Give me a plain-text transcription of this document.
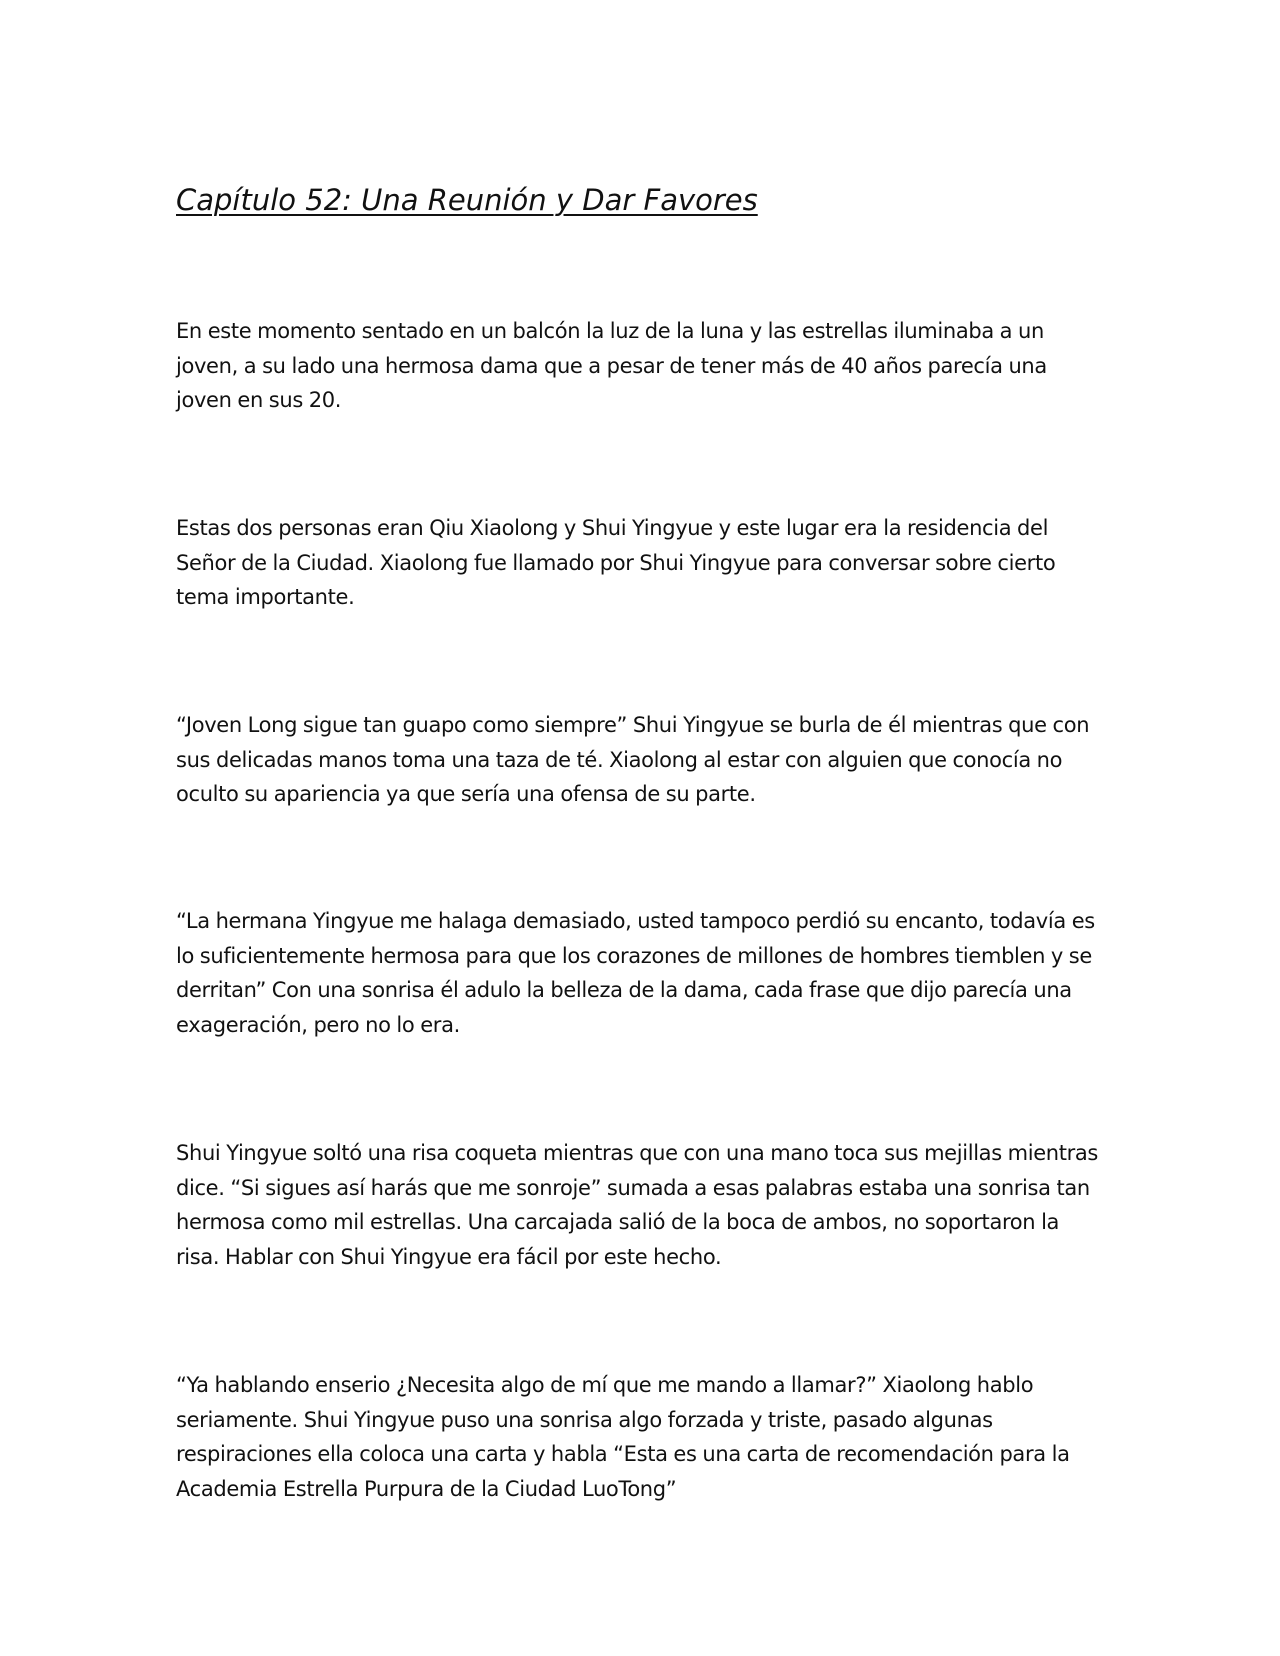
Capítulo 52: Una Reunión y Dar Favores

En este momento sentado en un balcón la luz de la luna y las estrellas iluminaba a un joven, a su lado una hermosa dama que a pesar de tener más de 40 años parecía una joven en sus 20.

Estas dos personas eran Qiu Xiaolong y Shui Yingyue y este lugar era la residencia del Señor de la Ciudad. Xiaolong fue llamado por Shui Yingyue para conversar sobre cierto tema importante.

“Joven Long sigue tan guapo como siempre” Shui Yingyue se burla de él mientras que con sus delicadas manos toma una taza de té. Xiaolong al estar con alguien que conocía no oculto su apariencia ya que sería una ofensa de su parte.

“La hermana Yingyue me halaga demasiado, usted tampoco perdió su encanto, todavía es lo suficientemente hermosa para que los corazones de millones de hombres tiemblen y se derritan” Con una sonrisa él adulo la belleza de la dama, cada frase que dijo parecía una exageración, pero no lo era.

Shui Yingyue soltó una risa coqueta mientras que con una mano toca sus mejillas mientras dice. “Si sigues así harás que me sonroje” sumada a esas palabras estaba una sonrisa tan hermosa como mil estrellas. Una carcajada salió de la boca de ambos, no soportaron la risa. Hablar con Shui Yingyue era fácil por este hecho.

“Ya hablando enserio ¿Necesita algo de mí que me mando a llamar?” Xiaolong hablo seriamente. Shui Yingyue puso una sonrisa algo forzada y triste, pasado algunas respiraciones ella coloca una carta y habla “Esta es una carta de recomendación para la Academia Estrella Purpura de la Ciudad LuoTong”
